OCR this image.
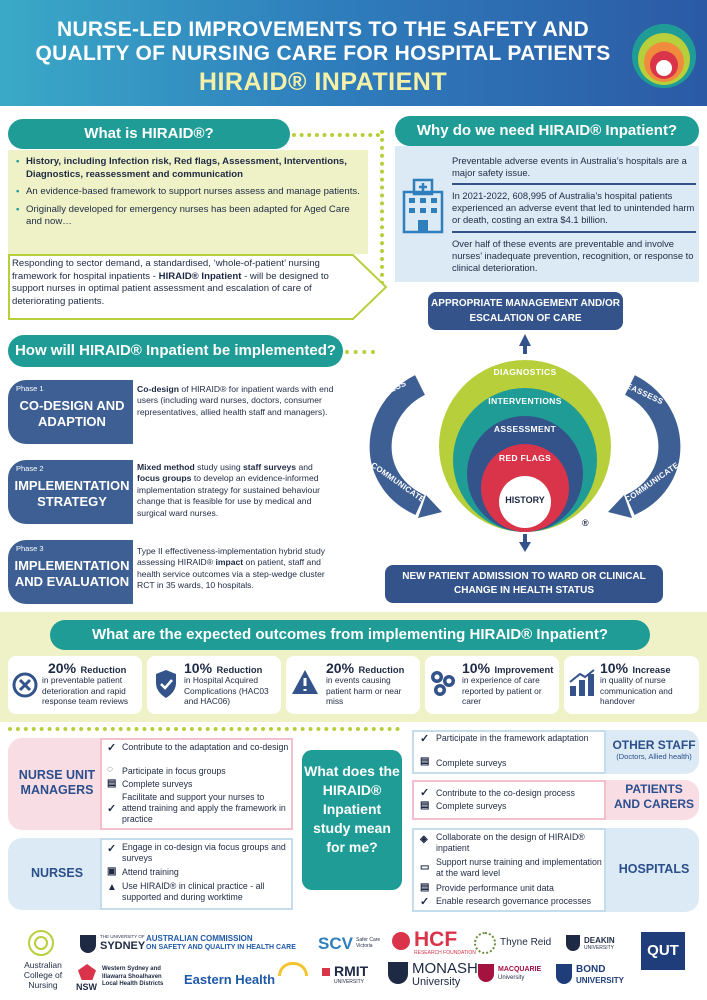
NURSE-LED IMPROVEMENTS TO THE SAFETY AND
QUALITY OF NURSING CARE FOR HOSPITAL PATIENTS
HIRAID® INPATIENT
What is HIRAID®?
• History, including Infection risk, Red flags, Assessment, Interventions, Diagnostics, reassessment and communication
• An evidence-based framework to support nurses assess and manage patients.
• Originally developed for emergency nurses has been adapted for Aged Care and now…
Responding to sector demand, a standardised, ‘whole-of-patient’ nursing framework for hospital inpatients - HIRAID® Inpatient - will be designed to support nurses in optimal patient assessment and escalation of care of deteriorating patients.
Why do we need HIRAID® Inpatient?
Preventable adverse events in Australia’s hospitals are a major safety issue.
In 2021-2022, 608,995 of Australia’s hospital patients experienced an adverse event that led to unintended harm or death, costing an extra $4.1 billion.
Over half of these events are preventable and involve nurses’ inadequate prevention, recognition, or response to clinical deterioration.
How will HIRAID® Inpatient be implemented?
Phase 1
CO-DESIGN AND
ADAPTION
Co-design of HIRAID® for inpatient wards with end users (including ward nurses, doctors, consumer representatives, allied health staff and managers).
Phase 2
IMPLEMENTATION
STRATEGY
Mixed method study using staff surveys and focus groups to develop an evidence-informed implementation strategy for sustained behaviour change that is feasible for use by medical and surgical ward nurses.
Phase 3
IMPLEMENTATION
AND EVALUATION
Type II effectiveness-implementation hybrid study assessing HIRAID® impact on patient, staff and health service outcomes via a step-wedge cluster RCT in 35 wards, 10 hospitals.
DIAGNOSTICS
INTERVENTIONS
ASSESSMENT
RED FLAGS
HISTORY
®
REASSESS	REASSESS
COMMUNICATE	COMMUNICATE
APPROPRIATE MANAGEMENT AND/OR ESCALATION OF CARE
NEW PATIENT ADMISSION TO WARD OR CLINICAL CHANGE IN HEALTH STATUS
What are the expected outcomes from implementing HIRAID® Inpatient?
20% Reduction
in preventable patient deterioration and rapid response team reviews
10% Reduction
in Hospital Acquired Complications (HAC03 and HAC06)
20% Reduction
in events causing patient harm or near miss
10% Improvement
in experience of care reported by patient or carer
10% Increase
in quality of nurse communication and handover
NURSE UNIT
MANAGERS
✓ Contribute to the adaptation and co-design
◌ Participate in focus groups
▤ Complete surveys
✓
Facilitate and support your nurses to attend training and apply the framework in practice
NURSES
✓ Engage in co-design via focus groups and surveys
▣ Attend training
▲ Use HIRAID® in clinical practice - all supported and during worktime
What does the HIRAID® Inpatient study mean for me?
OTHER STAFF
(Doctors, Allied health)
✓ Participate in the framework adaptation
▤ Complete surveys
PATIENTS
AND CARERS
✓ Contribute to the co-design process
▤ Complete surveys
HOSPITALS
◈ Collaborate on the design of HIRAID® inpatient
▭ Support nurse training and implementation at the ward level
▤ Provide performance unit data
✓ Enable research governance processes
Australian
College of
Nursing
THE UNIVERSITY OF
SYDNEY
AUSTRALIAN COMMISSION
ON SAFETY AND QUALITY IN HEALTH CARE SCV Safer Care Victoria	HCF
RESEARCH FOUNDATION
Thyne Reid	DEAKIN
UNIVERSITY	QUT
NSW
Western Sydney and
Illawarra Shoalhaven
Local Health Districts Eastern Health
RMIT
UNIVERSITY
MONASH
University
MACQUARIE
University
BOND
UNIVERSITY
